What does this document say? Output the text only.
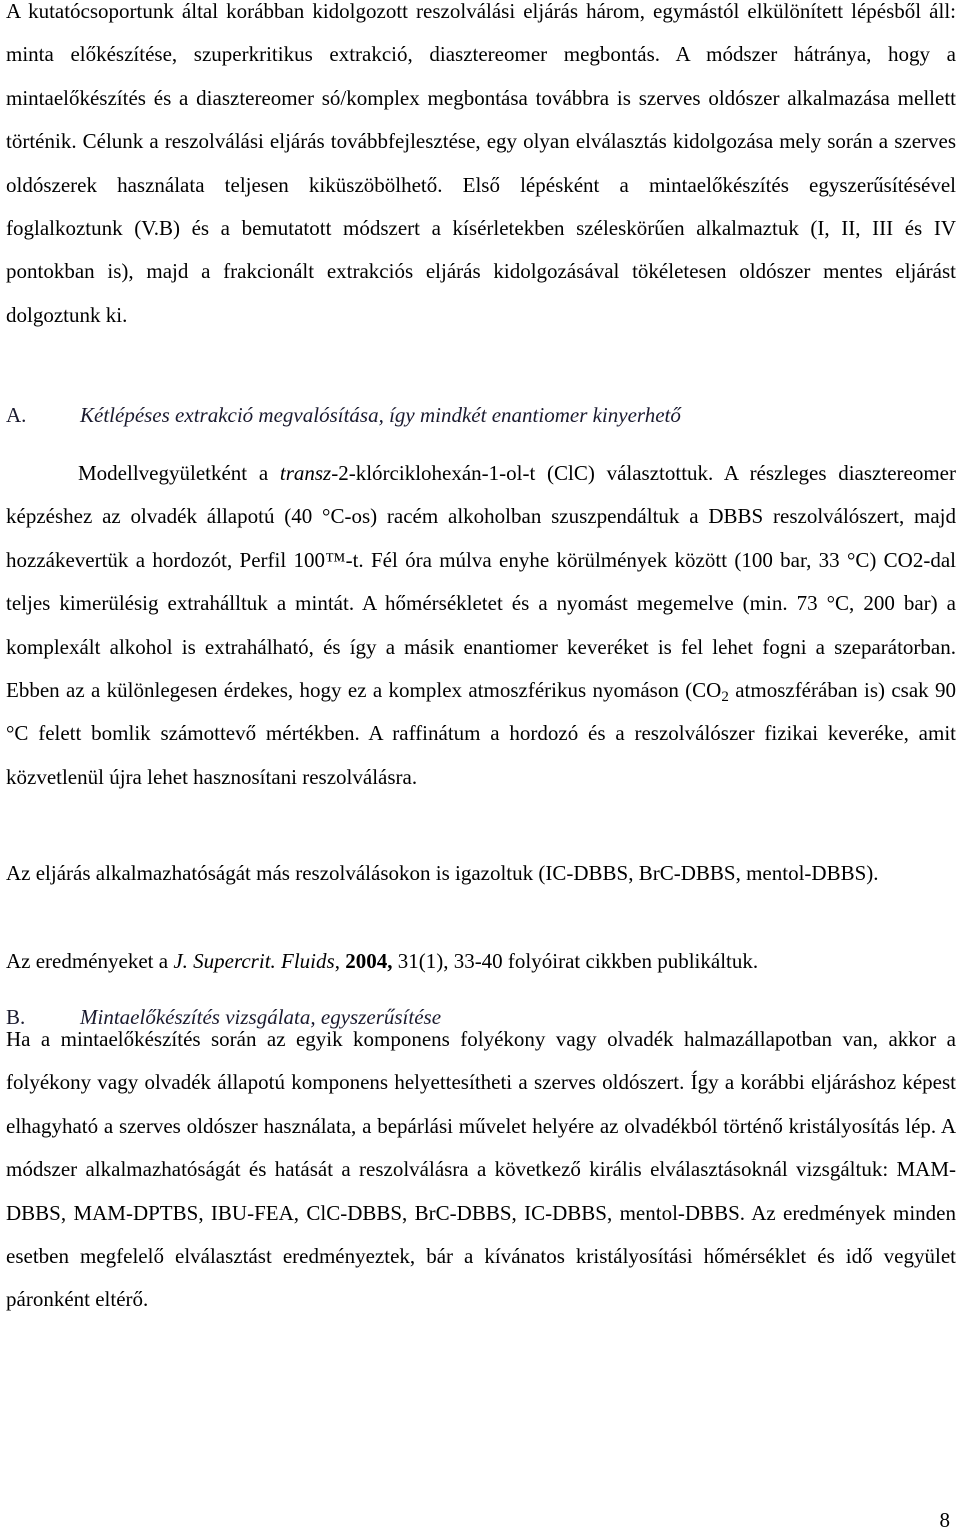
A kutatócsoportunk által korábban kidolgozott reszolválási eljárás három, egymástól elkülönített lépésből áll: minta előkészítése, szuperkritikus extrakció, diasztereomer megbontás. A módszer hátránya, hogy a mintaelőkészítés és a diasztereomer só/komplex megbontása továbbra is szerves oldószer alkalmazása mellett történik. Célunk a reszolválási eljárás továbbfejlesztése, egy olyan elválasztás kidolgozása mely során a szerves oldószerek használata teljesen kiküszöbölhető. Első lépésként a mintaelőkészítés egyszerűsítésével foglalkoztunk (V.B) és a bemutatott módszert a kísérletekben széleskörűen alkalmaztuk (I, II, III és IV pontokban is), majd a frakcionált extrakciós eljárás kidolgozásával tökéletesen oldószer mentes eljárást dolgoztunk ki.

A.	Kétlépéses extrakció megvalósítása, így mindkét enantiomer kinyerhető

Modellvegyületként a transz-2-klórciklohexán-1-ol-t (ClC) választottuk. A részleges diasztereomer képzéshez az olvadék állapotú (40 °C-os) racém alkoholban szuszpendáltuk a DBBS reszolválószert, majd hozzákevertük a hordozót, Perfil 100™-t. Fél óra múlva enyhe körülmények között (100 bar, 33 °C) CO2-dal teljes kimerülésig extrahálltuk a mintát. A hőmérsékletet és a nyomást megemelve (min. 73 °C, 200 bar) a komplexált alkohol is extrahálható, és így a másik enantiomer keveréket is fel lehet fogni a szeparátorban. Ebben az a különlegesen érdekes, hogy ez a komplex atmoszférikus nyomáson ($CO_2$ atmoszférában is) csak 90 °C felett bomlik számottevő mértékben. A raffinátum a hordozó és a reszolválószer fizikai keveréke, amit közvetlenül újra lehet hasznosítani reszolválásra.

Az eljárás alkalmazhatóságát más reszolválásokon is igazoltuk (IC-DBBS, BrC-DBBS, mentol-DBBS).

Az eredményeket a J. Supercrit. Fluids, 2004, 31(1), 33-40 folyóirat cikkben publikáltuk.

B.	Mintaelőkészítés vizsgálata, egyszerűsítése

Ha a mintaelőkészítés során az egyik komponens folyékony vagy olvadék halmazállapotban van, akkor a folyékony vagy olvadék állapotú komponens helyettesítheti a szerves oldószert. Így a korábbi eljáráshoz képest elhagyható a szerves oldószer használata, a bepárlási művelet helyére az olvadékból történő kristályosítás lép. A módszer alkalmazhatóságát és hatását a reszolválásra a következő királis elválasztásoknál vizsgáltuk: MAM-DBBS, MAM-DPTBS, IBU-FEA, ClC-DBBS, BrC-DBBS, IC-DBBS, mentol-DBBS. Az eredmények minden esetben megfelelő elválasztást eredményeztek, bár a kívánatos kristályosítási hőmérséklet és idő vegyület páronként eltérő.

8
